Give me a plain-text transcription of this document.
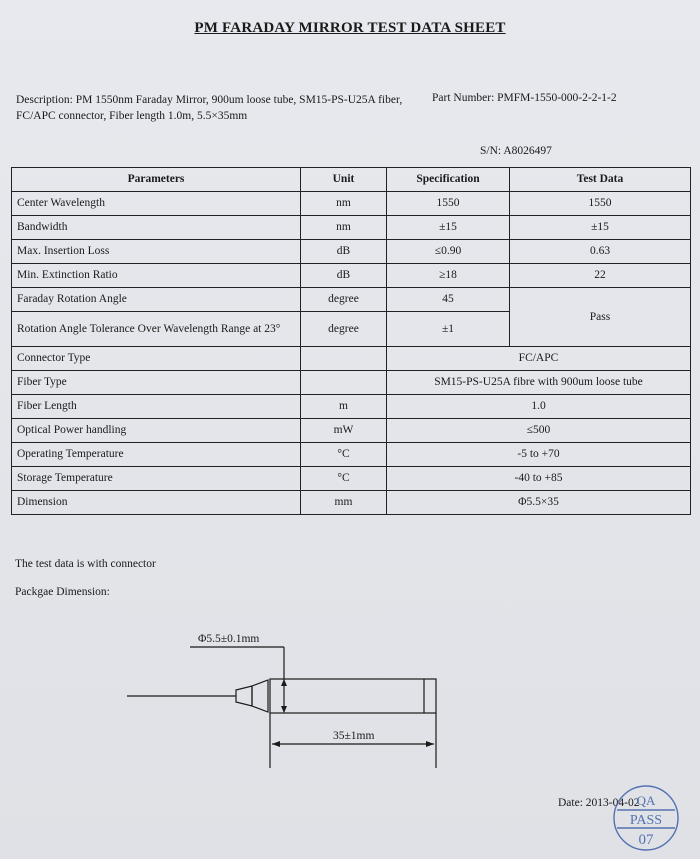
PM FARADAY MIRROR TEST DATA SHEET
Description: PM 1550nm Faraday Mirror, 900um loose tube, SM15-PS-U25A fiber, FC/APC connector, Fiber length 1.0m, 5.5×35mm
Part Number: PMFM-1550-000-2-2-1-2
S/N: A8026497
Parameters	Unit	Specification	Test Data
Center Wavelength	nm	1550	1550
Bandwidth	nm	±15	±15
Max. Insertion Loss	dB	≤0.90	0.63
Min. Extinction Ratio	dB	≥18	22
Faraday Rotation Angle	degree	45	Pass
Rotation Angle Tolerance Over Wavelength Range at 23°	degree	±1	
Connector Type		FC/APC	
Fiber Type		SM15-PS-U25A fibre with 900um loose tube	
Fiber Length	m	1.0	
Optical Power handling	mW	≤500	
Operating Temperature	°C	-5 to +70	
Storage Temperature	°C	-40 to +85	
Dimension	mm	Φ5.5×35	
The test data is with connector
Packgae Dimension:
Φ5.5±0.1mm
35±1mm
Date: 2013-04-02
QA
PASS
07
